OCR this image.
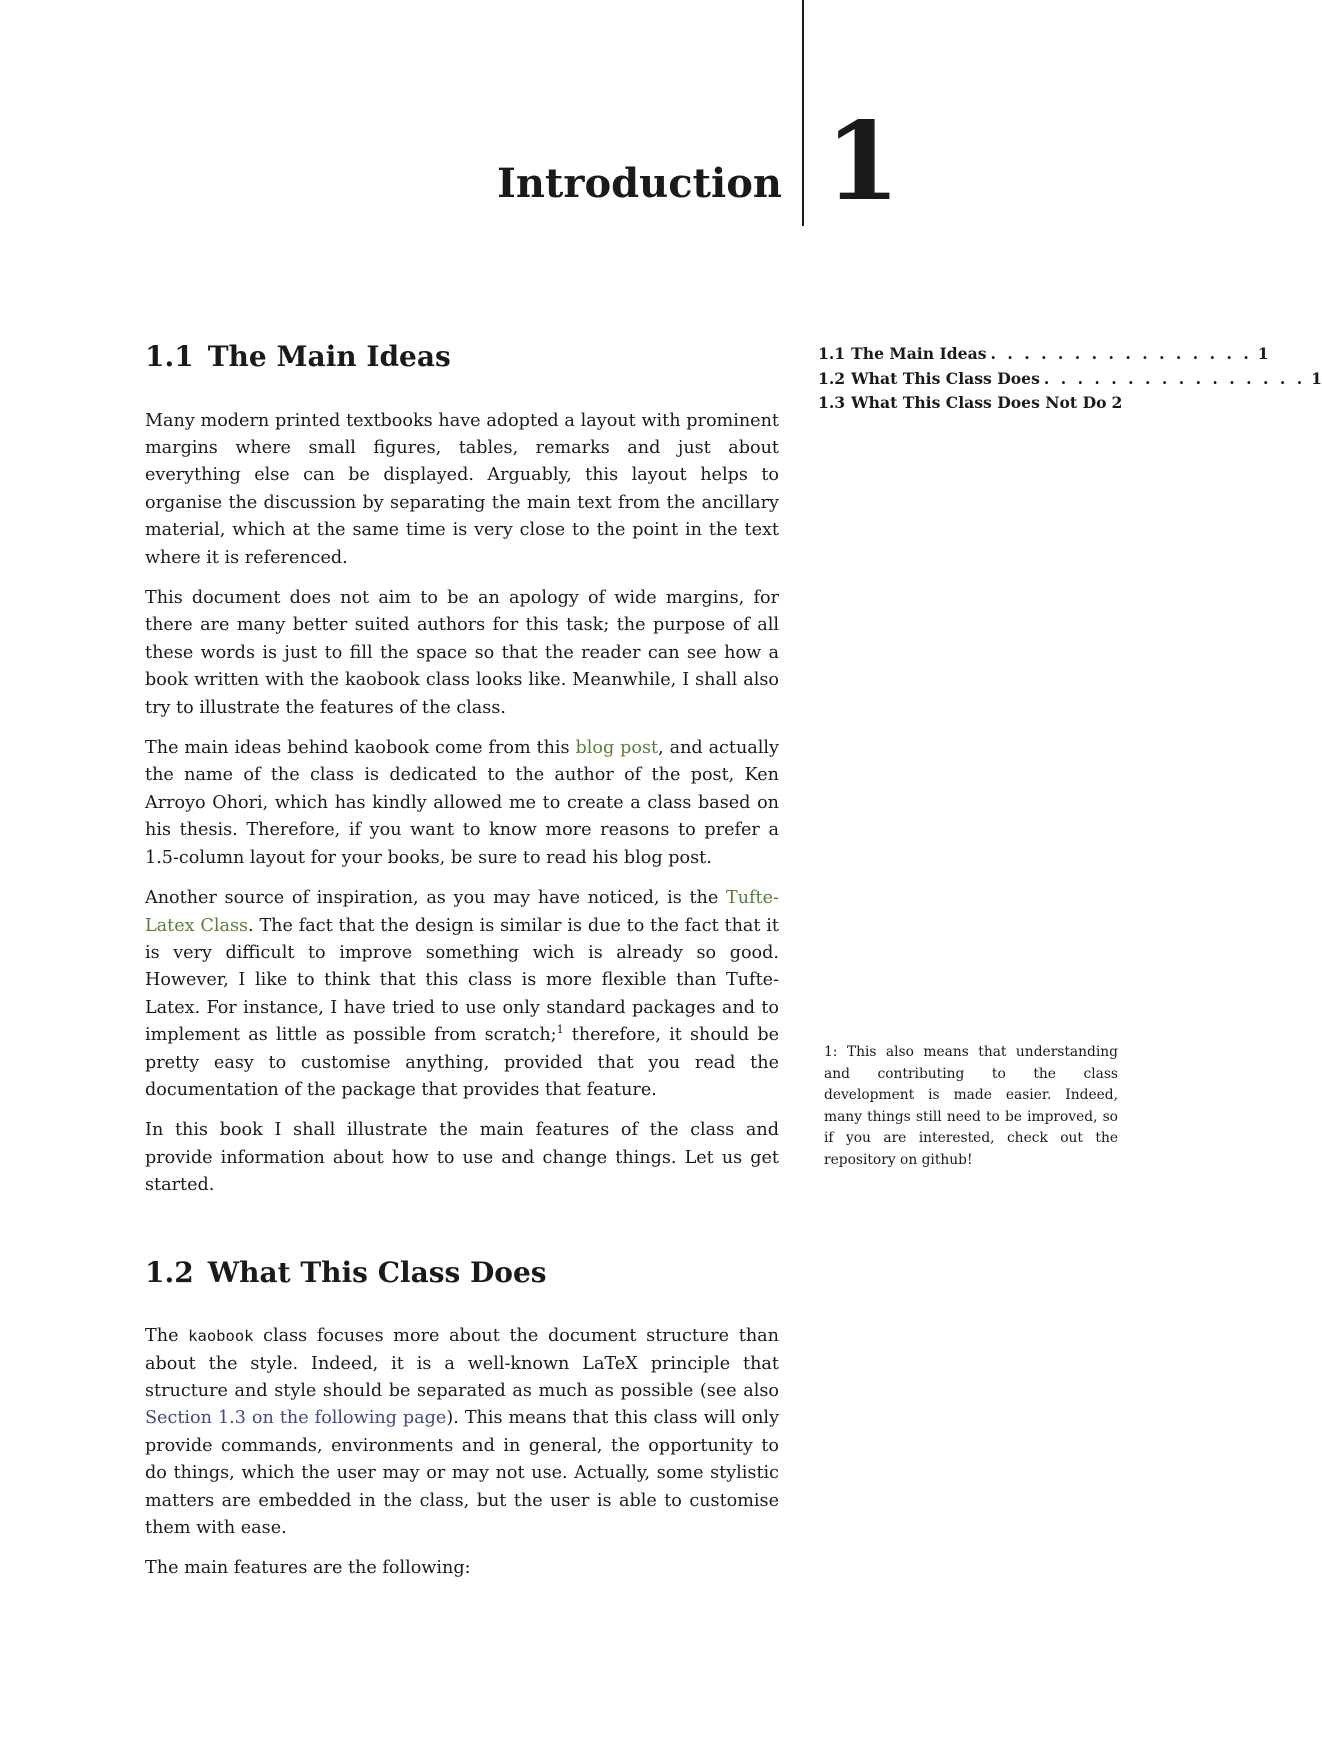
Introduction 1
1.1 The Main Ideas . . . . . . . . . . . . . . . . 1
1.2 What This Class Does . . . . . . . . . . . . . . . . 1
1.3 What This Class Does Not Do 2
1.1 The Main Ideas

Many modern printed textbooks have adopted a layout with prominent margins where small figures, tables, remarks and just about everything else can be displayed. Arguably, this layout helps to organise the discussion by separating the main text from the ancillary material, which at the same time is very close to the point in the text where it is referenced.

This document does not aim to be an apology of wide margins, for there are many better suited authors for this task; the purpose of all these words is just to fill the space so that the reader can see how a book written with the kaobook class looks like. Meanwhile, I shall also try to illustrate the features of the class.

The main ideas behind kaobook come from this blog post, and actually the name of the class is dedicated to the author of the post, Ken Arroyo Ohori, which has kindly allowed me to create a class based on his thesis. Therefore, if you want to know more reasons to prefer a 1.5-column layout for your books, be sure to read his blog post.

Another source of inspiration, as you may have noticed, is the Tufte-Latex Class. The fact that the design is similar is due to the fact that it is very difficult to improve something wich is already so good. However, I like to think that this class is more flexible than Tufte-Latex. For instance, I have tried to use only standard packages and to implement as little as possible from scratch;$^1$ therefore, it should be pretty easy to customise anything, provided that you read the documentation of the package that provides that feature.

In this book I shall illustrate the main features of the class and provide information about how to use and change things. Let us get started.

1.2 What This Class Does

The kaobook class focuses more about the document structure than about the style. Indeed, it is a well-known LaTeX principle that structure and style should be separated as much as possible (see also Section 1.3 on the following page). This means that this class will only provide commands, environments and in general, the opportunity to do things, which the user may or may not use. Actually, some stylistic matters are embedded in the class, but the user is able to customise them with ease.

The main features are the following:

1: This also means that understanding and contributing to the class development is made easier. Indeed, many things still need to be improved, so if you are interested, check out the repository on github!
